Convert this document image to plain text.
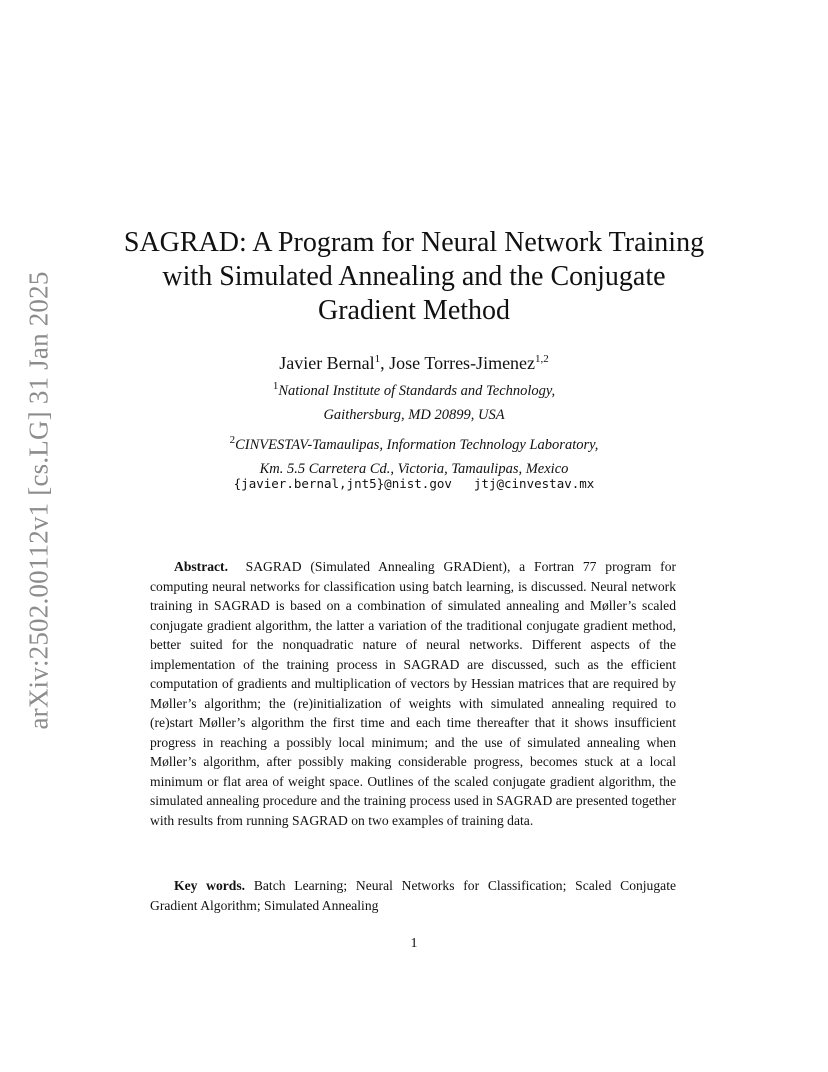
arXiv:2502.00112v1 [cs.LG] 31 Jan 2025
SAGRAD: A Program for Neural Network Training with Simulated Annealing and the Conjugate Gradient Method
Javier Bernal$^1$, Jose Torres-Jimenez$^{1,2}$
$^1$National Institute of Standards and Technology,
Gaithersburg, MD 20899, USA
$^2$CINVESTAV-Tamaulipas, Information Technology Laboratory,
Km. 5.5 Carretera Cd., Victoria, Tamaulipas, Mexico
{javier.bernal,jnt5}@nist.gov jtj@cinvestav.mx

Abstract. SAGRAD (Simulated Annealing GRADient), a Fortran 77 program for computing neural networks for classification using batch learning, is discussed. Neural network training in SAGRAD is based on a combination of simulated annealing and Møller’s scaled conjugate gradient algorithm, the latter a variation of the traditional conjugate gradient method, better suited for the nonquadratic nature of neural networks. Different aspects of the implementation of the training process in SAGRAD are discussed, such as the efficient computation of gradients and multiplication of vectors by Hessian matrices that are required by Møller’s algorithm; the (re)initialization of weights with simulated annealing required to (re)start Møller’s algorithm the first time and each time thereafter that it shows insufficient progress in reaching a possibly local minimum; and the use of simulated annealing when Møller’s algorithm, after possibly making considerable progress, becomes stuck at a local minimum or flat area of weight space. Outlines of the scaled conjugate gradient algorithm, the simulated annealing procedure and the training process used in SAGRAD are presented together with results from running SAGRAD on two examples of training data.

Key words. Batch Learning; Neural Networks for Classification; Scaled Conjugate Gradient Algorithm; Simulated Annealing

1
